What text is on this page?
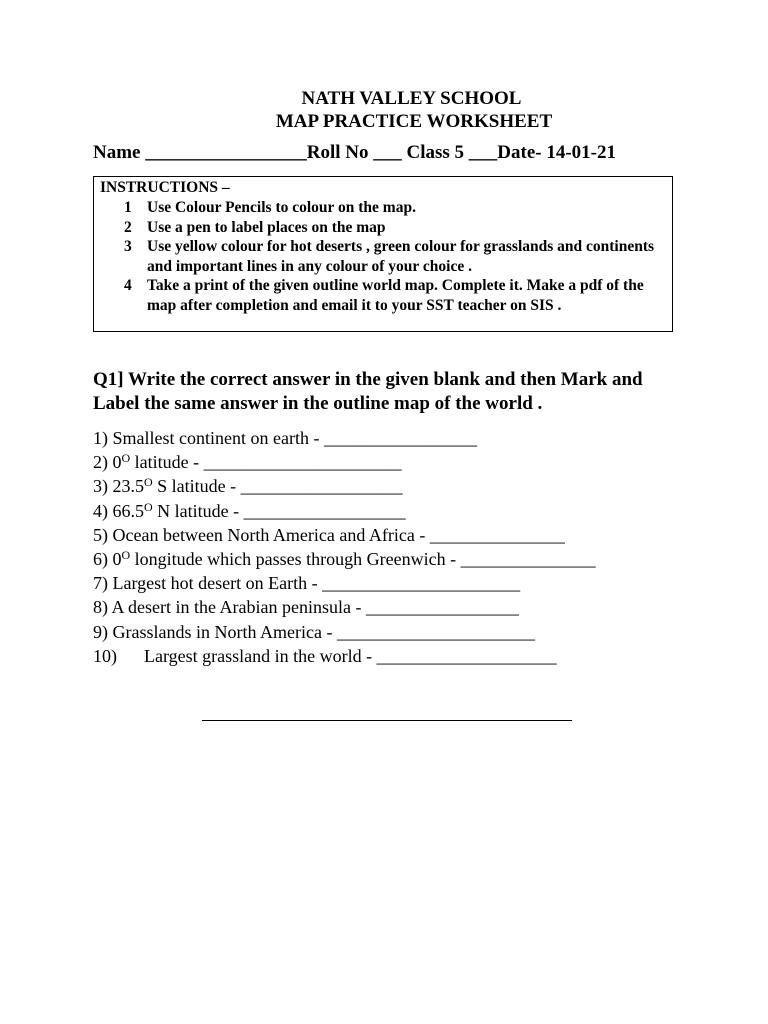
NATH VALLEY SCHOOL
MAP PRACTICE WORKSHEET
Name _________________Roll No ___ Class 5 ___Date- 14-01-21
INSTRUCTIONS –
1 Use Colour Pencils to colour on the map.
2 Use a pen to label places on the map
3 Use yellow colour for hot deserts , green colour for grasslands and continents and important lines in any colour of your choice .
4 Take a print of the given outline world map. Complete it. Make a pdf of the map after completion and email it to your SST teacher on SIS .
Q1] Write the correct answer in the given blank and then Mark and Label the same answer in the outline map of the world .
1) Smallest continent on earth - _________________
2) $0^O$ latitude - ______________________
3) $23.5^O$ S latitude - __________________
4) $66.5^O$ N latitude - __________________
5) Ocean between North America and Africa - _______________
6) $0^O$ longitude which passes through Greenwich - _______________
7) Largest hot desert on Earth - ______________________
8) A desert in the Arabian peninsula - _________________
9) Grasslands in North America - ______________________
10) Largest grassland in the world - ____________________
